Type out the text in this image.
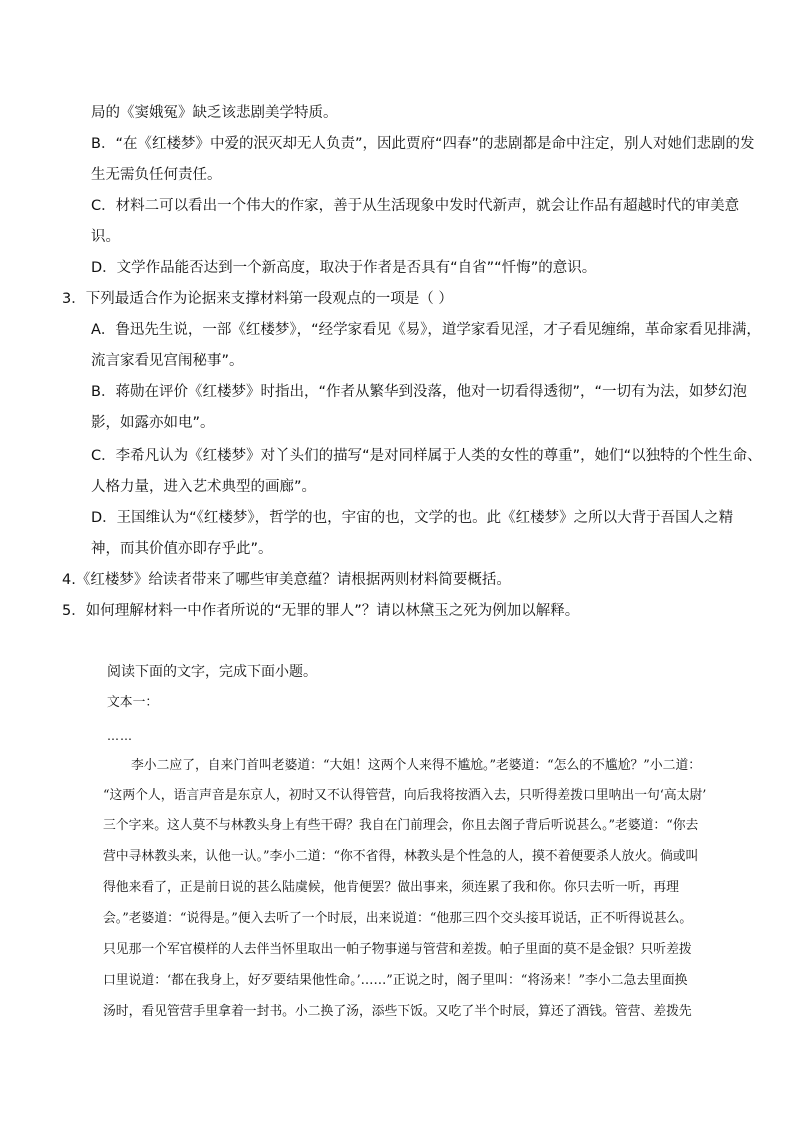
局的《窦娥冤》缺乏该悲剧美学特质。
B．“在《红楼梦》中爱的泯灭却无人负责”，因此贾府“四春”的悲剧都是命中注定，别人对她们悲剧的发
生无需负任何责任。
C．材料二可以看出一个伟大的作家，善于从生活现象中发时代新声，就会让作品有超越时代的审美意
识。
D．文学作品能否达到一个新高度，取决于作者是否具有“自省”“忏悔”的意识。
3．下列最适合作为论据来支撑材料第一段观点的一项是（ ）
A．鲁迅先生说，一部《红楼梦》，“经学家看见《易》，道学家看见淫，才子看见缠绵，革命家看见排满，
流言家看见宫闱秘事”。
B．蒋勋在评价《红楼梦》时指出，“作者从繁华到没落，他对一切看得透彻”，“一切有为法，如梦幻泡
影，如露亦如电”。
C．李希凡认为《红楼梦》对丫头们的描写“是对同样属于人类的女性的尊重”，她们“以独特的个性生命、
人格力量，进入艺术典型的画廊”。
D．王国维认为“《红楼梦》，哲学的也，宇宙的也，文学的也。此《红楼梦》之所以大背于吾国人之精
神，而其价值亦即存乎此”。
4.《红楼梦》给读者带来了哪些审美意蕴？请根据两则材料简要概括。
5．如何理解材料一中作者所说的“无罪的罪人”？请以林黛玉之死为例加以解释。
阅读下面的文字，完成下面小题。
文本一：
……
李小二应了，自来门首叫老婆道：“大姐！这两个人来得不尴尬。”老婆道：“怎么的不尴尬？”小二道：
“这两个人，语言声音是东京人，初时又不认得管营，向后我将按酒入去，只听得差拨口里呐出一句‘高太尉’
三个字来。这人莫不与林教头身上有些干碍？我自在门前理会，你且去阁子背后听说甚么。”老婆道：“你去
营中寻林教头来，认他一认。”李小二道：“你不省得，林教头是个性急的人，摸不着便要杀人放火。倘或叫
得他来看了，正是前日说的甚么陆虞候，他肯便罢？做出事来，须连累了我和你。你只去听一听，再理
会。”老婆道：“说得是。”便入去听了一个时辰，出来说道：“他那三四个交头接耳说话，正不听得说甚么。
只见那一个军官模样的人去伴当怀里取出一帕子物事递与管营和差拨。帕子里面的莫不是金银？只听差拨
口里说道：‘都在我身上，好歹要结果他性命。’……”正说之时，阁子里叫：“将汤来！”李小二急去里面换
汤时，看见管营手里拿着一封书。小二换了汤，添些下饭。又吃了半个时辰，算还了酒钱。管营、差拨先
